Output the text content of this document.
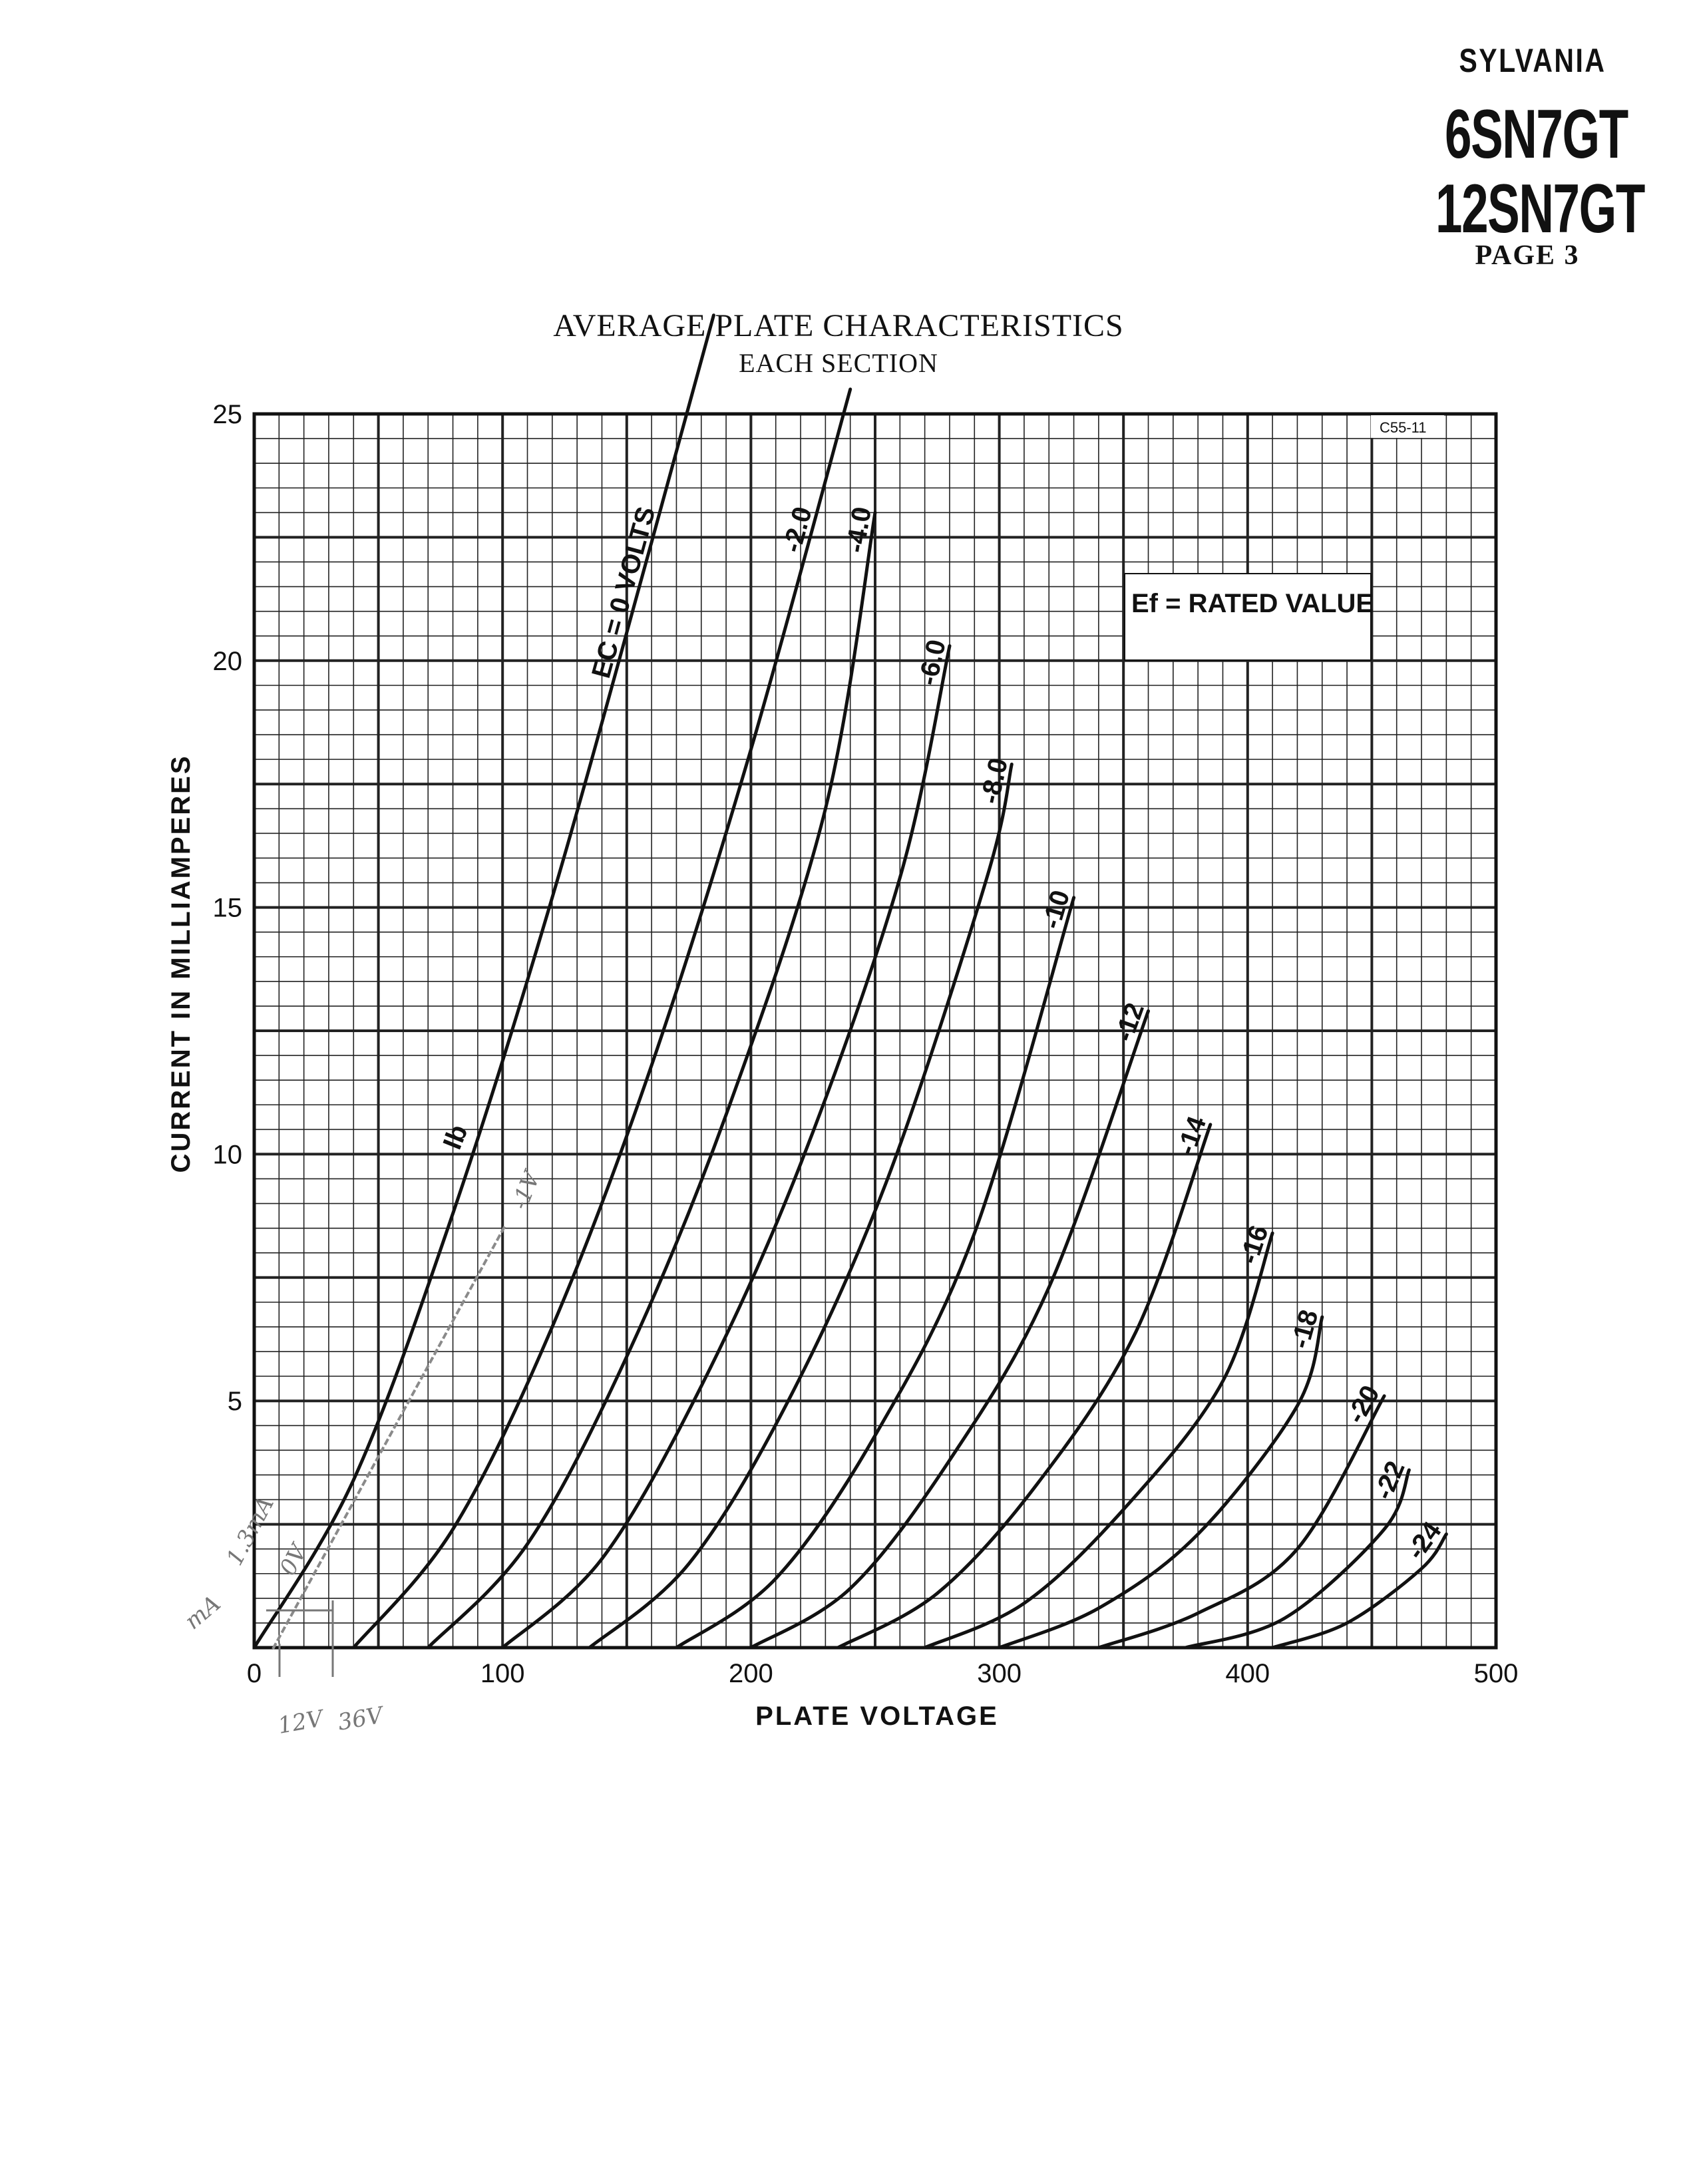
SYLVANIA
6SN7GT
12SN7GT
PAGE 3
AVERAGE PLATE CHARACTERISTICS
EACH SECTION
0	100	200	300	400	500
5
10
15
20
25
EC = 0 VOLTS	-2.0 -4.0
-6.0
-8.0
-10
-12
-14
-16
-18
-20
-22
-24
Ef = RATED VALUE
C55-11
Ib
CURRENT IN MILLIAMPERES
PLATE VOLTAGE
0V
1.3mA
mA
12V 36V
-1V
